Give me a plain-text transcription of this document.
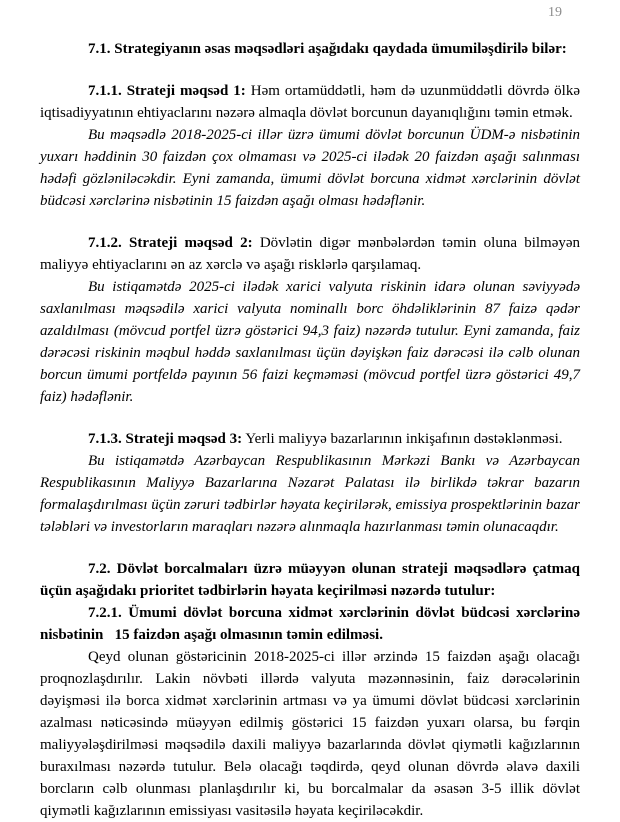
19

7.1. Strategiyanın əsas məqsədləri aşağıdakı qaydada ümumiləşdirilə bilər:

7.1.1. Strateji məqsəd 1: Həm ortamüddətli, həm də uzunmüddətli dövrdə ölkə iqtisadiyyatının ehtiyaclarını nəzərə almaqla dövlət borcunun dayanıqlığını təmin etmək.

Bu məqsədlə 2018-2025-ci illər üzrə ümumi dövlət borcunun ÜDM-ə nisbətinin yuxarı həddinin 30 faizdən çox olmaması və 2025-ci ilədək 20 faizdən aşağı salınması hədəfi gözləniləcəkdir. Eyni zamanda, ümumi dövlət borcuna xidmət xərclərinin dövlət büdcəsi xərclərinə nisbətinin 15 faizdən aşağı olması hədəflənir.

7.1.2. Strateji məqsəd 2: Dövlətin digər mənbələrdən təmin oluna bilməyən maliyyə ehtiyaclarını ən az xərclə və aşağı risklərlə qarşılamaq.

Bu istiqamətdə 2025-ci ilədək xarici valyuta riskinin idarə olunan səviyyədə saxlanılması məqsədilə xarici valyuta nominallı borc öhdəliklərinin 87 faizə qədər azaldılması (mövcud portfel üzrə göstərici 94,3 faiz) nəzərdə tutulur. Eyni zamanda, faiz dərəcəsi riskinin məqbul həddə saxlanılması üçün dəyişkən faiz dərəcəsi ilə cəlb olunan borcun ümumi portfeldə payının 56 faizi keçməməsi (mövcud portfel üzrə göstərici 49,7 faiz) hədəflənir.

7.1.3. Strateji məqsəd 3: Yerli maliyyə bazarlarının inkişafının dəstəklənməsi.

Bu istiqamətdə Azərbaycan Respublikasının Mərkəzi Bankı və Azərbaycan Respublikasının Maliyyə Bazarlarına Nəzarət Palatası ilə birlikdə təkrar bazarın formalaşdırılması üçün zəruri tədbirlər həyata keçirilərək, emissiya prospektlərinin bazar tələbləri və investorların maraqları nəzərə alınmaqla hazırlanması təmin olunacaqdır.

7.2. Dövlət borcalmaları üzrə müəyyən olunan strateji məqsədlərə çatmaq üçün aşağıdakı prioritet tədbirlərin həyata keçirilməsi nəzərdə tutulur:

7.2.1. Ümumi dövlət borcuna xidmət xərclərinin dövlət büdcəsi xərclərinə nisbətinin   15 faizdən aşağı olmasının təmin edilməsi.

Qeyd olunan göstəricinin 2018-2025-ci illər ərzində 15 faizdən aşağı olacağı proqnozlaşdırılır. Lakin növbəti illərdə valyuta məzənnəsinin, faiz dərəcələrinin dəyişməsi ilə borca xidmət xərclərinin artması və ya ümumi dövlət büdcəsi xərclərinin azalması nəticəsində müəyyən edilmiş göstərici 15 faizdən yuxarı olarsa, bu fərqin maliyyələşdirilməsi məqsədilə daxili maliyyə bazarlarında dövlət qiymətli kağızlarının buraxılması nəzərdə tutulur. Belə olacağı təqdirdə, qeyd olunan dövrdə əlavə daxili borcların cəlb olunması planlaşdırılır ki, bu borcalmalar da əsasən 3-5 illik dövlət qiymətli kağızlarının emissiyası vasitəsilə həyata keçiriləcəkdir.
